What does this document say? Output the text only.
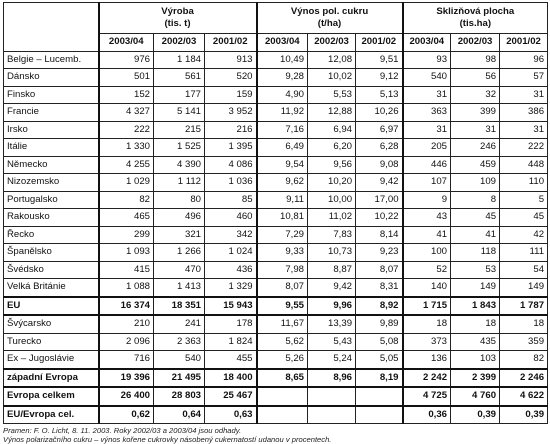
	Výroba
(tis. t)			Výnos pol. cukru
(t/ha)			Sklizňová plocha
(tis.ha)		
	2003/04	2002/03	2001/02	2003/04	2002/03	2001/02	2003/04	2002/03	2001/02
Belgie – Lucemb.	976	1 184	913	10,49	12,08	9,51	93	98	96
Dánsko	501	561	520	9,28	10,02	9,12	540	56	57
Finsko	152	177	159	4,90	5,53	5,13	31	32	31
Francie	4 327	5 141	3 952	11,92	12,88	10,26	363	399	386
Irsko	222	215	216	7,16	6,94	6,97	31	31	31
Itálie	1 330	1 525	1 395	6,49	6,20	6,28	205	246	222
Německo	4 255	4 390	4 086	9,54	9,56	9,08	446	459	448
Nizozemsko	1 029	1 112	1 036	9,62	10,20	9,42	107	109	110
Portugalsko	82	80	85	9,11	10,00	17,00	9	8	5
Rakousko	465	496	460	10,81	11,02	10,22	43	45	45
Řecko	299	321	342	7,29	7,83	8,14	41	41	42
Španělsko	1 093	1 266	1 024	9,33	10,73	9,23	100	118	111
Švédsko	415	470	436	7,98	8,87	8,07	52	53	54
Velká Británie	1 088	1 413	1 329	8,07	9,42	8,31	140	149	149
EU	16 374	18 351	15 943	9,55	9,96	8,92	1 715	1 843	1 787
Švýcarsko	210	241	178	11,67	13,39	9,89	18	18	18
Turecko	2 096	2 363	1 824	5,62	5,43	5,08	373	435	359
Ex – Jugoslávie	716	540	455	5,26	5,24	5,05	136	103	82
západní Evropa	19 396	21 495	18 400	8,65	8,96	8,19	2 242	2 399	2 246
Evropa celkem	26 400	28 803	25 467				4 725	4 760	4 622
EU/Evropa cel.	0,62	0,64	0,63				0,36	0,39	0,39
Pramen: F. O. Licht, 8. 11. 2003. Roky 2002/03 a 2003/04 jsou odhady.
Výnos polarizačního cukru – výnos kořene cukrovky násobený cukernatostí udanou v procentech.
